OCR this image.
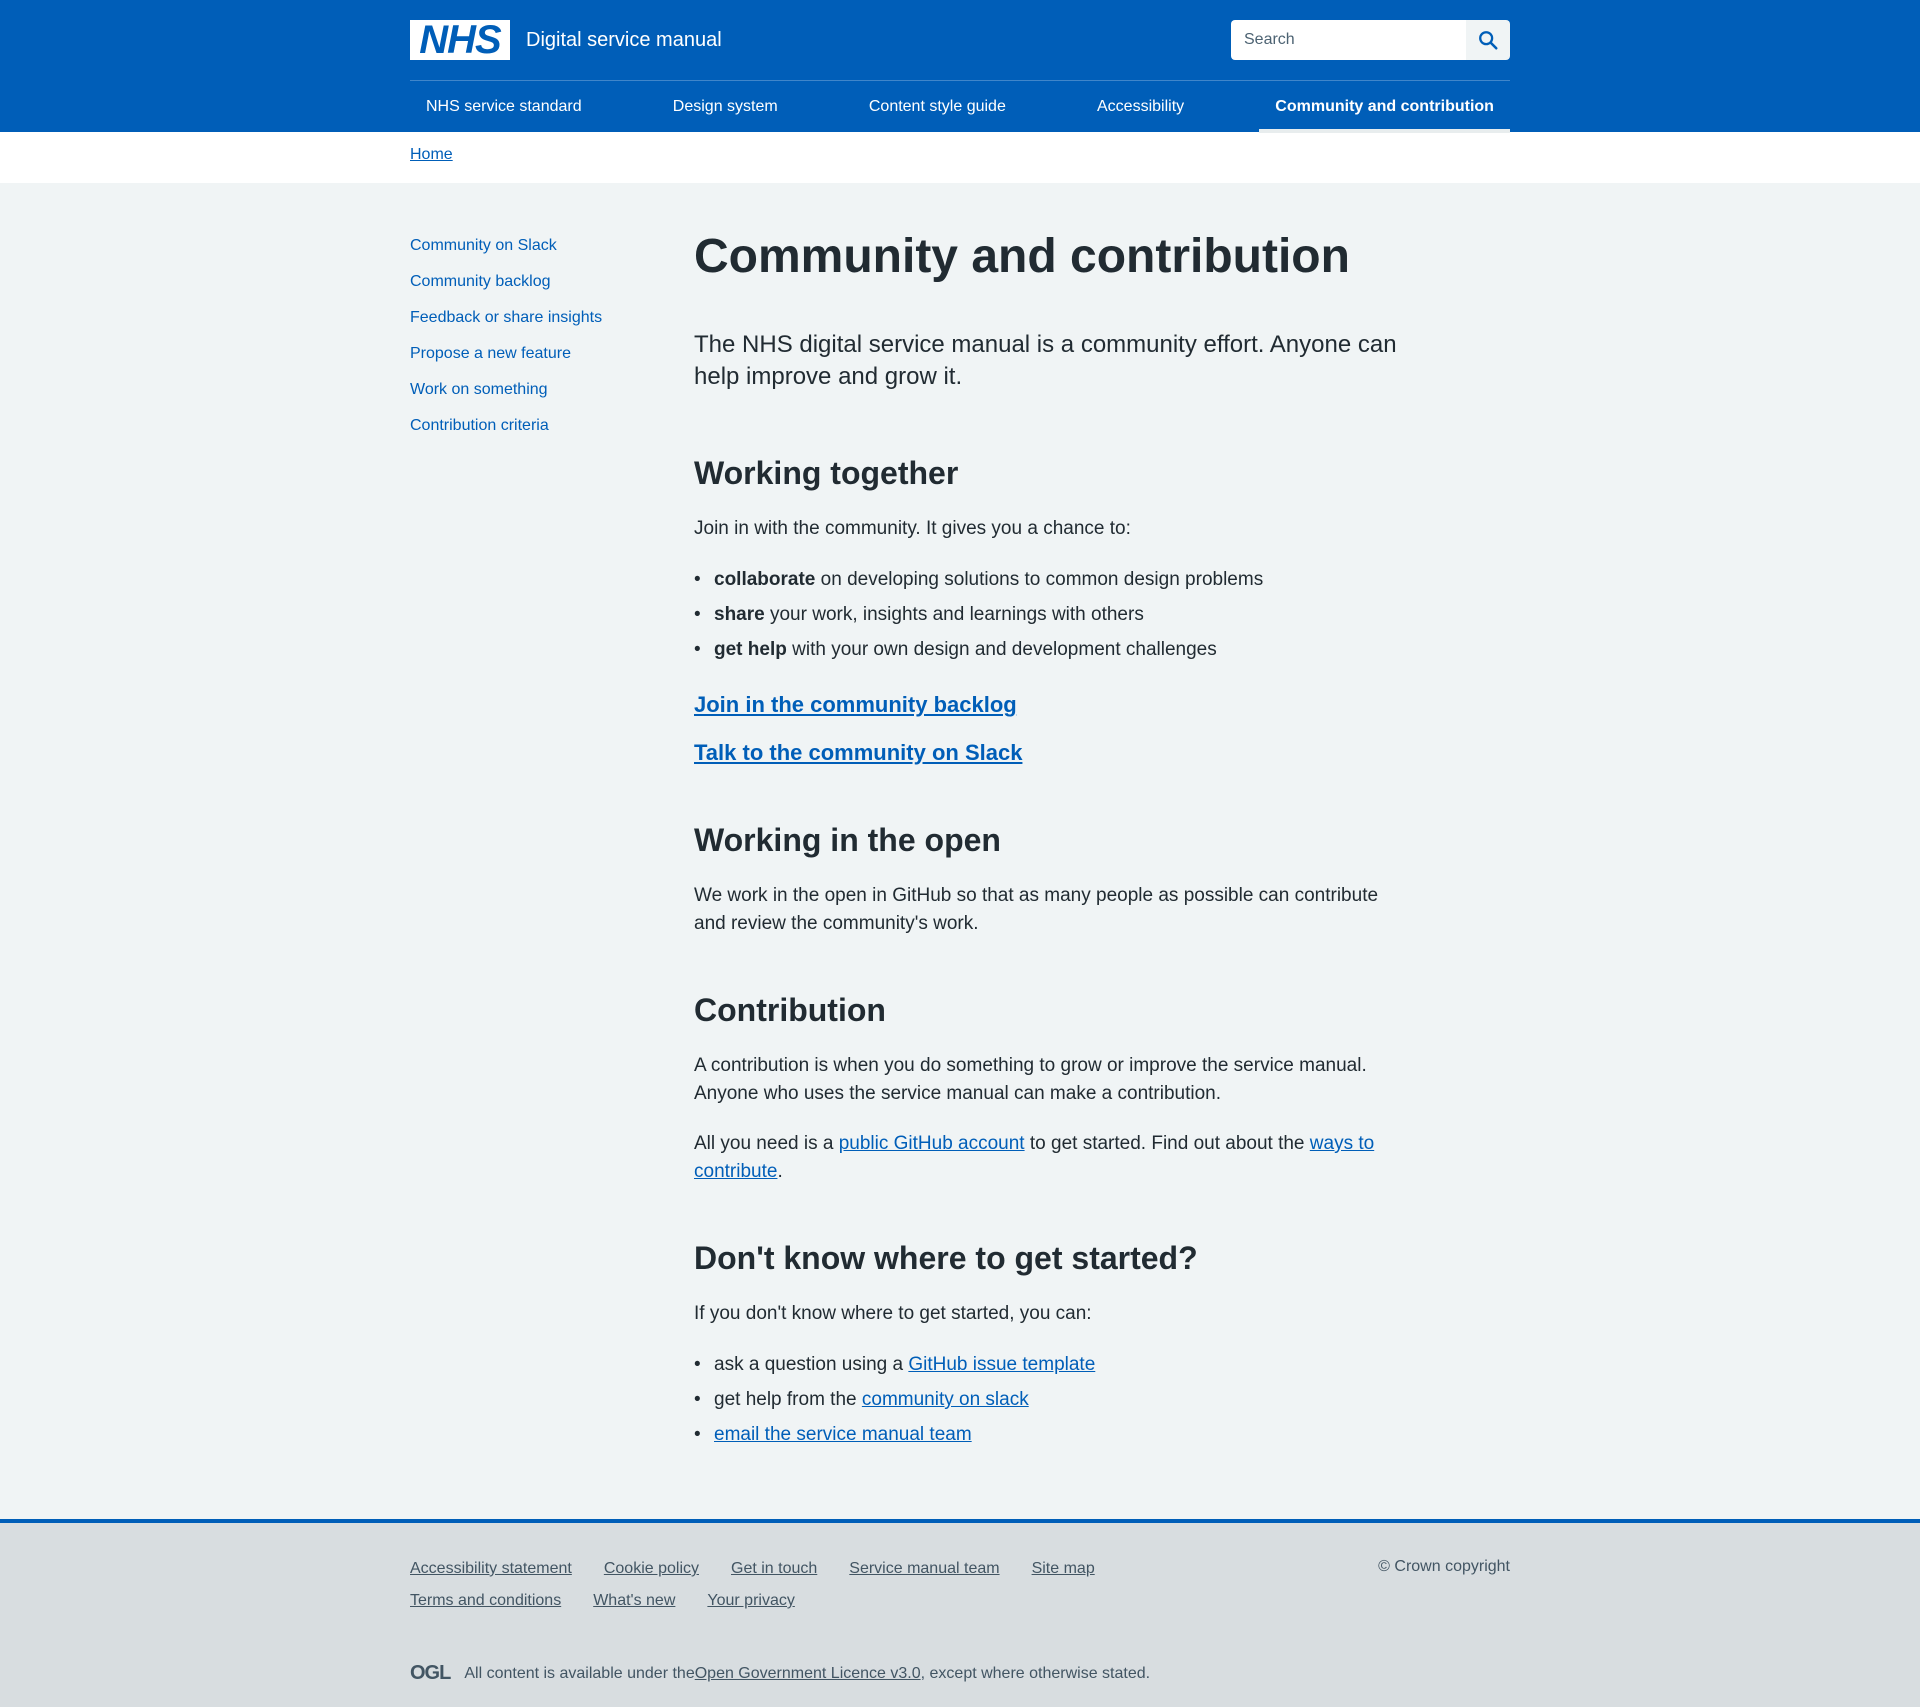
NHS Digital service manual
Search
NHS service standard	Design system	Content style guide	Accessibility	Community and contribution
Home
Community on Slack
Community backlog
Feedback or share insights
Propose a new feature
Work on something
Contribution criteria
Community and contribution

The NHS digital service manual is a community effort. Anyone can help improve and grow it.

Working together

Join in with the community. It gives you a chance to:

• collaborate on developing solutions to common design problems
• share your work, insights and learnings with others
• get help with your own design and development challenges
Join in the community backlog
Talk to the community on Slack
Working in the open

We work in the open in GitHub so that as many people as possible can contribute and review the community's work.

Contribution

A contribution is when you do something to grow or improve the service manual. Anyone who uses the service manual can make a contribution.

All you need is a public GitHub account to get started. Find out about the ways to contribute.

Don't know where to get started?

If you don't know where to get started, you can:

• ask a question using a GitHub issue template
• get help from the community on slack
• email the service manual team
Accessibility statement Cookie policy Get in touch Service manual team Site map
Terms and conditions What's new Your privacy
© Crown copyright
OGL All content is available under the Open Government Licence v3.0 , except where otherwise stated.
